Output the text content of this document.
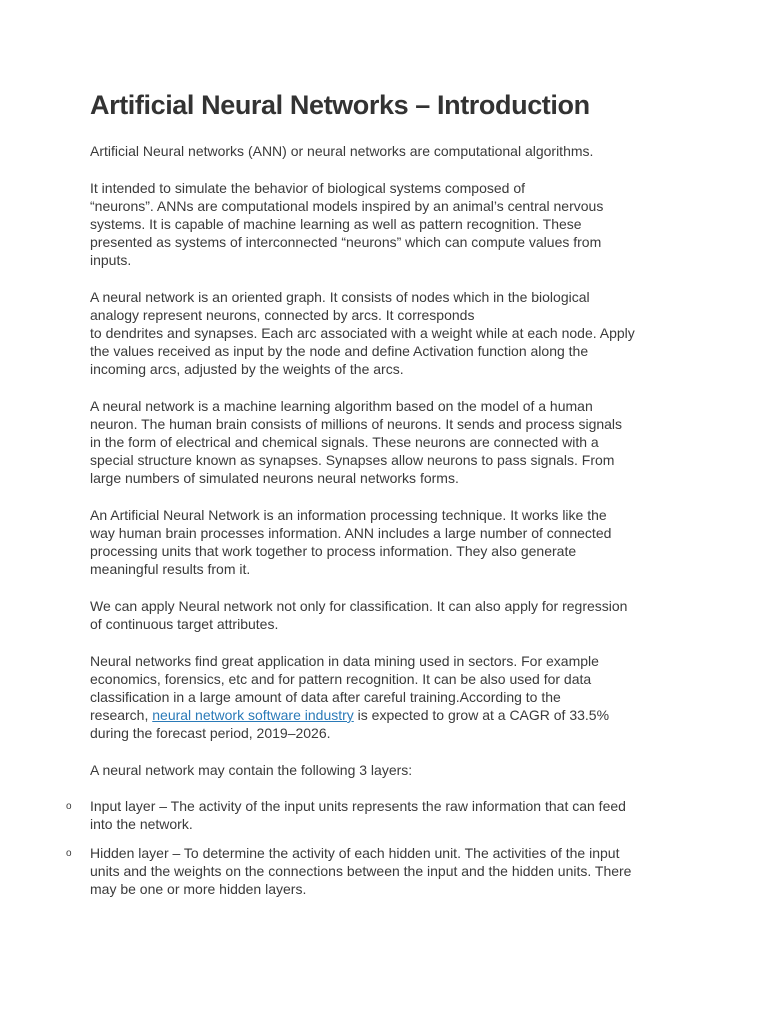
Artificial Neural Networks – Introduction

Artificial Neural networks (ANN) or neural networks are computational algorithms.

It intended to simulate the behavior of biological systems composed of
“neurons”. ANNs are computational models inspired by an animal’s central nervous
systems. It is capable of machine learning as well as pattern recognition. These
presented as systems of interconnected “neurons” which can compute values from
inputs.

A neural network is an oriented graph. It consists of nodes which in the biological
analogy represent neurons, connected by arcs. It corresponds
to dendrites and synapses. Each arc associated with a weight while at each node. Apply
the values received as input by the node and define Activation function along the
incoming arcs, adjusted by the weights of the arcs.

A neural network is a machine learning algorithm based on the model of a human
neuron. The human brain consists of millions of neurons. It sends and process signals
in the form of electrical and chemical signals. These neurons are connected with a
special structure known as synapses. Synapses allow neurons to pass signals. From
large numbers of simulated neurons neural networks forms.

An Artificial Neural Network is an information processing technique. It works like the
way human brain processes information. ANN includes a large number of connected
processing units that work together to process information. They also generate
meaningful results from it.

We can apply Neural network not only for classification. It can also apply for regression
of continuous target attributes.

Neural networks find great application in data mining used in sectors. For example
economics, forensics, etc and for pattern recognition. It can be also used for data
classification in a large amount of data after careful training.According to the
research, neural network software industry is expected to grow at a CAGR of 33.5%
during the forecast period, 2019–2026.

A neural network may contain the following 3 layers:

o Input layer – The activity of the input units represents the raw information that can feed
into the network.
o Hidden layer – To determine the activity of each hidden unit. The activities of the input
units and the weights on the connections between the input and the hidden units. There
may be one or more hidden layers.
